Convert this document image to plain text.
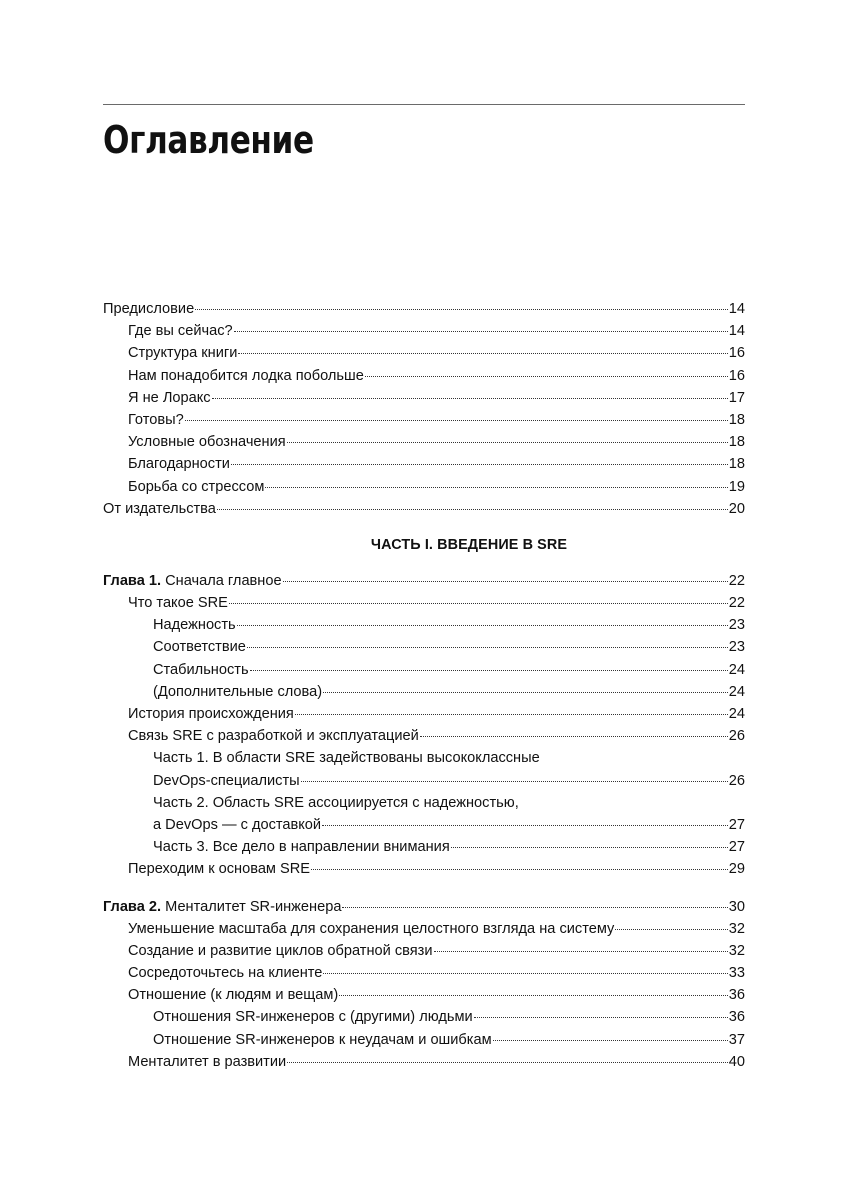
Оглавление
Предисловие	14
Где вы сейчас?	14
Структура книги	16
Нам понадобится лодка побольше	16
Я не Лоракс	17
Готовы?	18
Условные обозначения	18
Благодарности	18
Борьба со стрессом	19
От издательства	20
ЧАСТЬ I. ВВЕДЕНИЕ В SRE
Глава 1. Сначала главное	22
Что такое SRE	22
Надежность	23
Соответствие	23
Стабильность	24
(Дополнительные слова)	24
История происхождения	24
Связь SRE с разработкой и эксплуатацией	26
Часть 1. В области SRE задействованы высококлассные
DevOps-специалисты	26
Часть 2. Область SRE ассоциируется с надежностью,
а DevOps — с доставкой	27
Часть 3. Все дело в направлении внимания	27
Переходим к основам SRE	29
Глава 2. Менталитет SR-инженера	30
Уменьшение масштаба для сохранения целостного взгляда на систему	32
Создание и развитие циклов обратной связи	32
Сосредоточьтесь на клиенте	33
Отношение (к людям и вещам)	36
Отношения SR-инженеров с (другими) людьми	36
Отношение SR-инженеров к неудачам и ошибкам	37
Менталитет в развитии	40
